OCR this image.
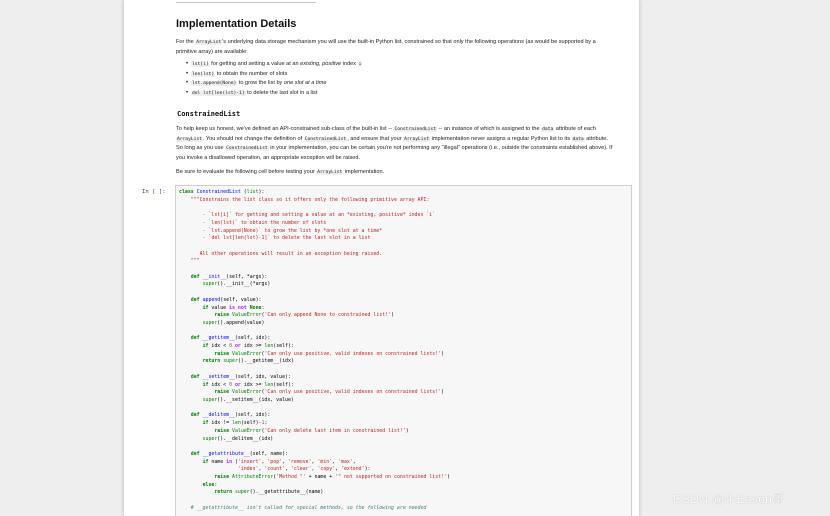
Implementation Details

For the ArrayList's underlying data storage mechanism you will use the built-in Python list, constrained so that only the following operations (as would be supported by a primitive array) are available:

• lst[i] for getting and setting a value at an existing, positive index i
• len(lst) to obtain the number of slots
• lst.append(None) to grow the list by one slot at a time
• del lst[len(lst)-1] to delete the last slot in a list
ConstrainedList

To help keep us honest, we've defined an API-constrained sub-class of the built-in list -- ConstrainedList -- an instance of which is assigned to the data attribute of each ArrayList. You should not change the definition of ConstrainedList, and ensure that your ArrayList implementation never assigns a regular Python list to its data attribute. So long as you use ConstrainedList in your implementation, you can be certain you're not performing any "illegal" operations (i.e., outside the constraints established above). If you invoke a disallowed operation, an appropriate exception will be raised.

Be sure to evaluate the following cell before testing your ArrayList implementation.

In [ ]:	class ConstrainedList (list):
"""Constrains the list class so it offers only the following primitive array API:

- `lst[i]` for getting and setting a value at an *existing, positive* index `i`
- `len(lst)` to obtain the number of slots
- `lst.append(None)` to grow the list by *one slot at a time*
- `del lst[len(lst)-1]` to delete the last slot in a list

All other operations will result in an exception being raised.
"""

def __init__(self, *args):
super().__init__(*args)

def append(self, value):
if value is not None:
raise ValueError('Can only append None to constrained list!')
super().append(value)

def __getitem__(self, idx):
if idx < 0 or idx >= len(self):
raise ValueError('Can only use positive, valid indexes on constrained lists!')
return super().__getitem__(idx)

def __setitem__(self, idx, value):
if idx < 0 or idx >= len(self):
raise ValueError('Can only use positive, valid indexes on constrained lists!')
super().__setitem__(idx, value)

def __delitem__(self, idx):
if idx != len(self)-1:
raise ValueError('Can only delete last item in constrained list!')
super().__delitem__(idx)

def __getattribute__(self, name):
if name in ('insert', 'pop', 'remove', 'min', 'max',
'index', 'count', 'clear', 'copy', 'extend'):
raise AttributeError('Method "' + name + '" not supported on constrained list!')
else:
return super().__getattribute__(name)

# __getattribute__ isn't called for special methods, so the following are needed
CSDN @小Eason哥
